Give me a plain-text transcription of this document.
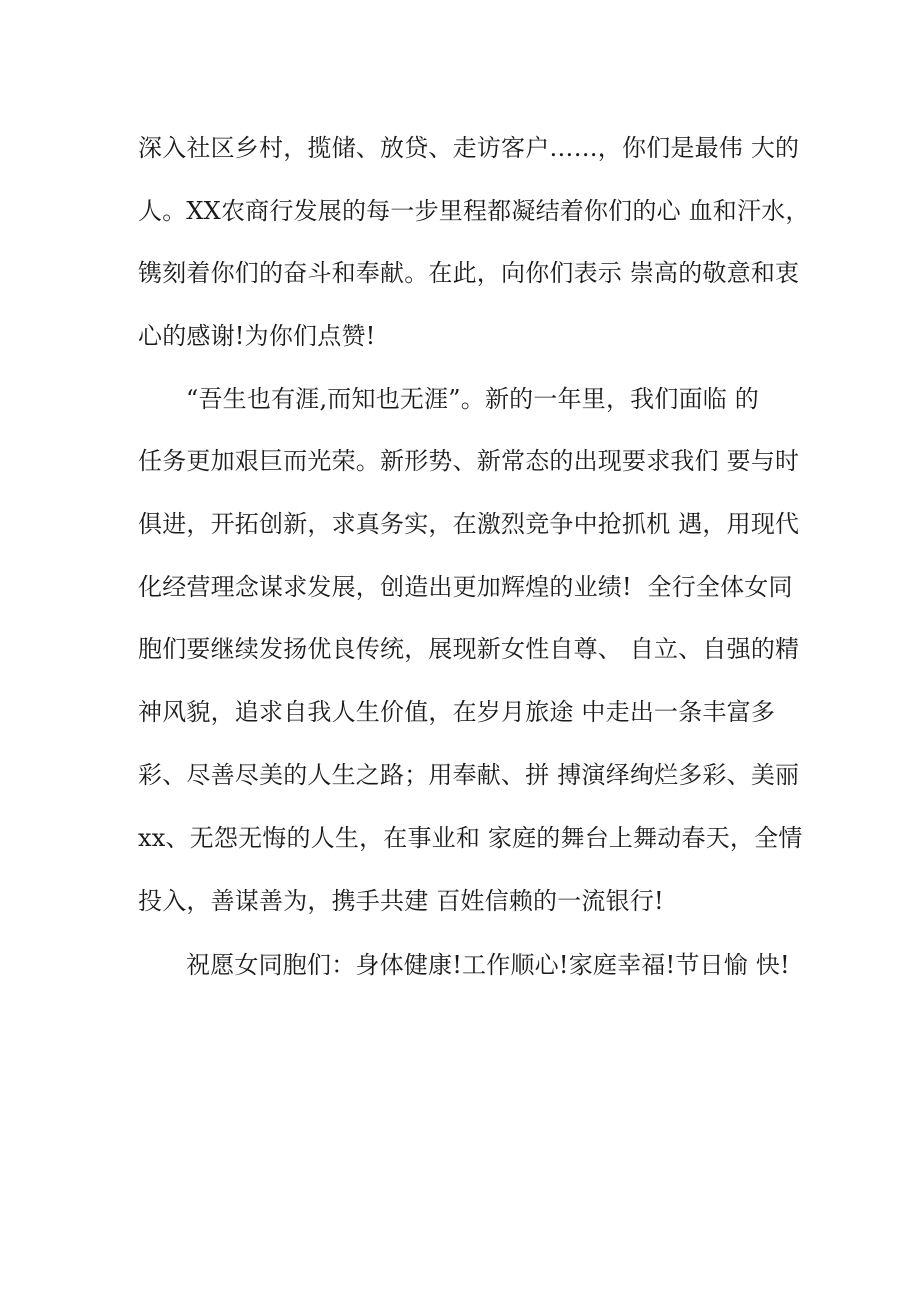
深入社区乡村，揽储、放贷、走访客户……，你们是最伟 大的
人。XX农商行发展的每一步里程都凝结着你们的心 血和汗水，
镌刻着你们的奋斗和奉献。在此，向你们表示 崇高的敬意和衷
心的感谢!为你们点赞!
“吾生也有涯,而知也无涯”。新的一年里，我们面临 的
任务更加艰巨而光荣。新形势、新常态的出现要求我们 要与时
俱进，开拓创新，求真务实，在激烈竞争中抢抓机 遇，用现代
化经营理念谋求发展，创造出更加辉煌的业绩!  全行全体女同
胞们要继续发扬优良传统，展现新女性自尊、 自立、自强的精
神风貌，追求自我人生价值，在岁月旅途 中走出一条丰富多
彩、尽善尽美的人生之路；用奉献、拼 搏演绎绚烂多彩、美丽
xx、无怨无悔的人生，在事业和 家庭的舞台上舞动春天，全情
投入，善谋善为，携手共建 百姓信赖的一流银行!
祝愿女同胞们：身体健康!工作顺心!家庭幸福!节日愉 快!
